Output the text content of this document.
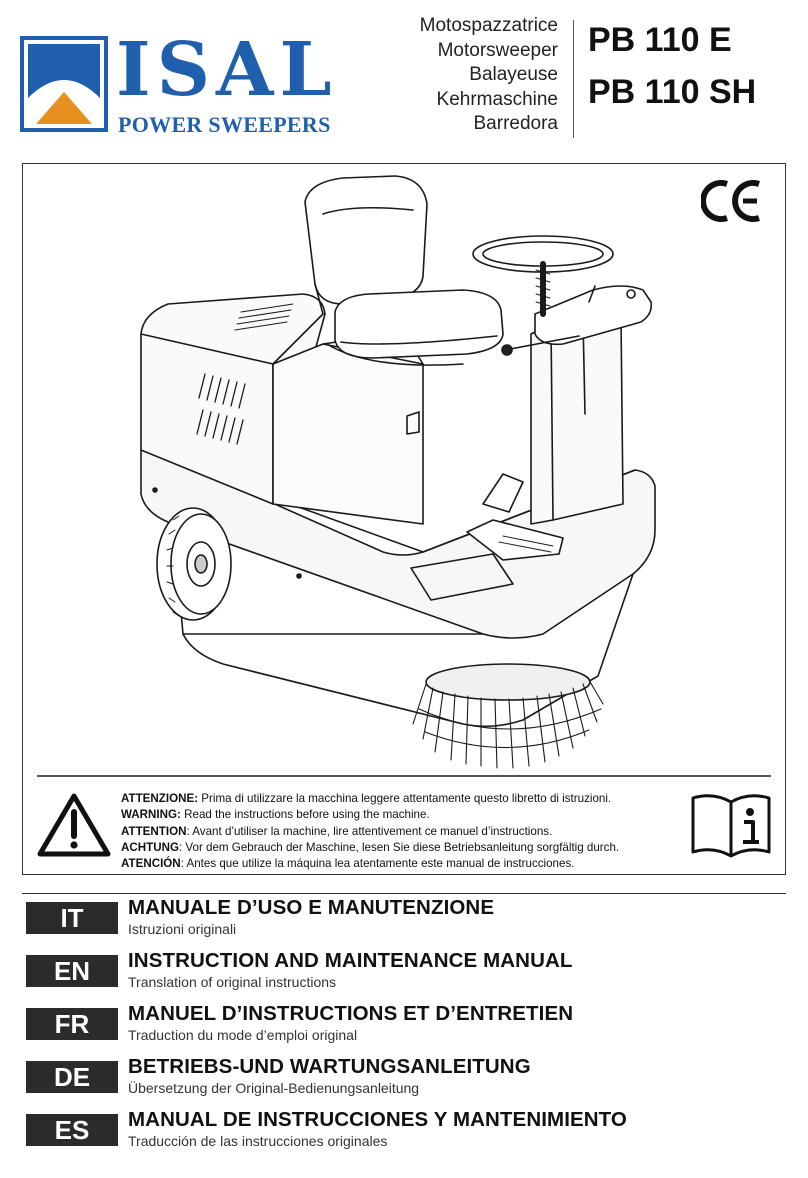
ISAL
POWER SWEEPERS
Motospazzatrice
Motorsweeper
Balayeuse
Kehrmaschine
Barredora
PB 110 E
PB 110 SH
ATTENZIONE: Prima di utilizzare la macchina leggere attentamente questo libretto di istruzioni.
WARNING: Read the instructions before using the machine.
ATTENTION: Avant d’utiliser la machine, lire attentivement ce manuel d’instructions.
ACHTUNG: Vor dem Gebrauch der Maschine, lesen Sie diese Betriebsanleitung sorgfältig durch.
ATENCIÓN: Antes que utilize la máquina lea atentamente este manual de instrucciones.
IT	MANUALE D’USO E MANUTENZIONE
Istruzioni originali
EN	INSTRUCTION AND MAINTENANCE MANUAL
Translation of original instructions
FR	MANUEL D’INSTRUCTIONS ET D’ENTRETIEN
Traduction du mode d’emploi original
DE	BETRIEBS-UND WARTUNGSANLEITUNG
Übersetzung der Original-Bedienungsanleitung
ES	MANUAL DE INSTRUCCIONES Y MANTENIMIENTO
Traducción de las instrucciones originales
